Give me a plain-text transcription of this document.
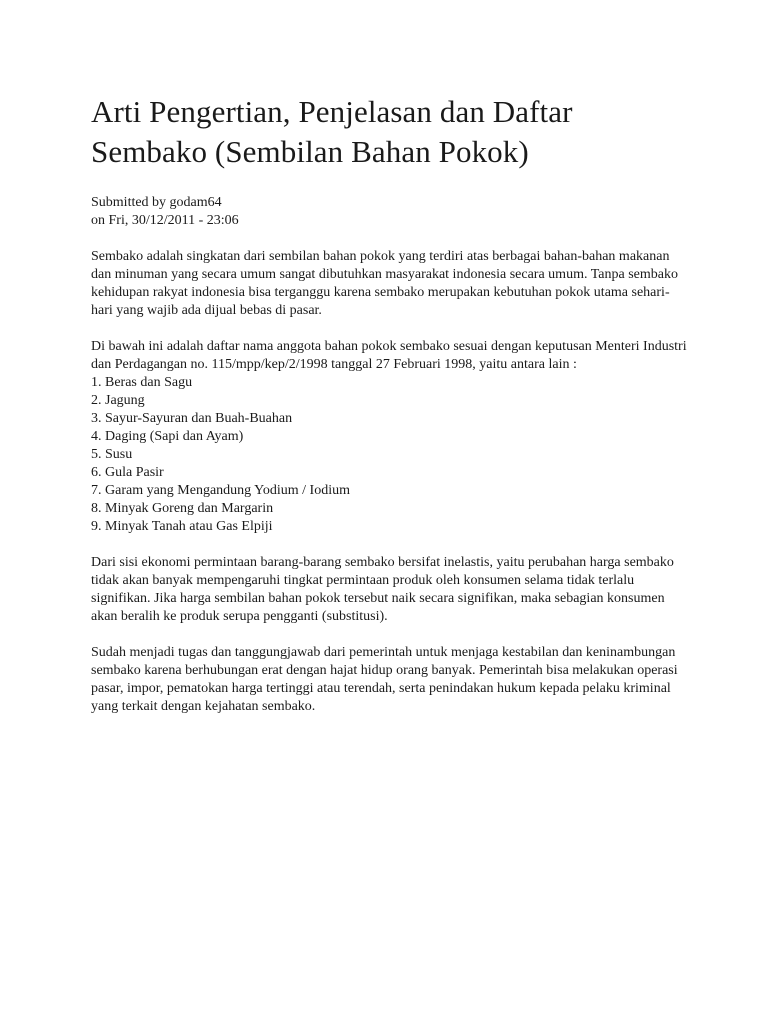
Arti Pengertian, Penjelasan dan Daftar Sembako (Sembilan Bahan Pokok)
Submitted by godam64
on Fri, 30/12/2011 - 23:06

Sembako adalah singkatan dari sembilan bahan pokok yang terdiri atas berbagai bahan-bahan makanan dan minuman yang secara umum sangat dibutuhkan masyarakat indonesia secara umum. Tanpa sembako kehidupan rakyat indonesia bisa terganggu karena sembako merupakan kebutuhan pokok utama sehari-hari yang wajib ada dijual bebas di pasar.

Di bawah ini adalah daftar nama anggota bahan pokok sembako sesuai dengan keputusan Menteri Industri dan Perdagangan no. 115/mpp/kep/2/1998 tanggal 27 Februari 1998, yaitu antara lain :
1. Beras dan Sagu
2. Jagung
3. Sayur-Sayuran dan Buah-Buahan
4. Daging (Sapi dan Ayam)
5. Susu
6. Gula Pasir
7. Garam yang Mengandung Yodium / Iodium
8. Minyak Goreng dan Margarin
9. Minyak Tanah atau Gas Elpiji

Dari sisi ekonomi permintaan barang-barang sembako bersifat inelastis, yaitu perubahan harga sembako tidak akan banyak mempengaruhi tingkat permintaan produk oleh konsumen selama tidak terlalu signifikan. Jika harga sembilan bahan pokok tersebut naik secara signifikan, maka sebagian konsumen akan beralih ke produk serupa pengganti (substitusi).

Sudah menjadi tugas dan tanggungjawab dari pemerintah untuk menjaga kestabilan dan keninambungan sembako karena berhubungan erat dengan hajat hidup orang banyak. Pemerintah bisa melakukan operasi pasar, impor, pematokan harga tertinggi atau terendah, serta penindakan hukum kepada pelaku kriminal yang terkait dengan kejahatan sembako.
